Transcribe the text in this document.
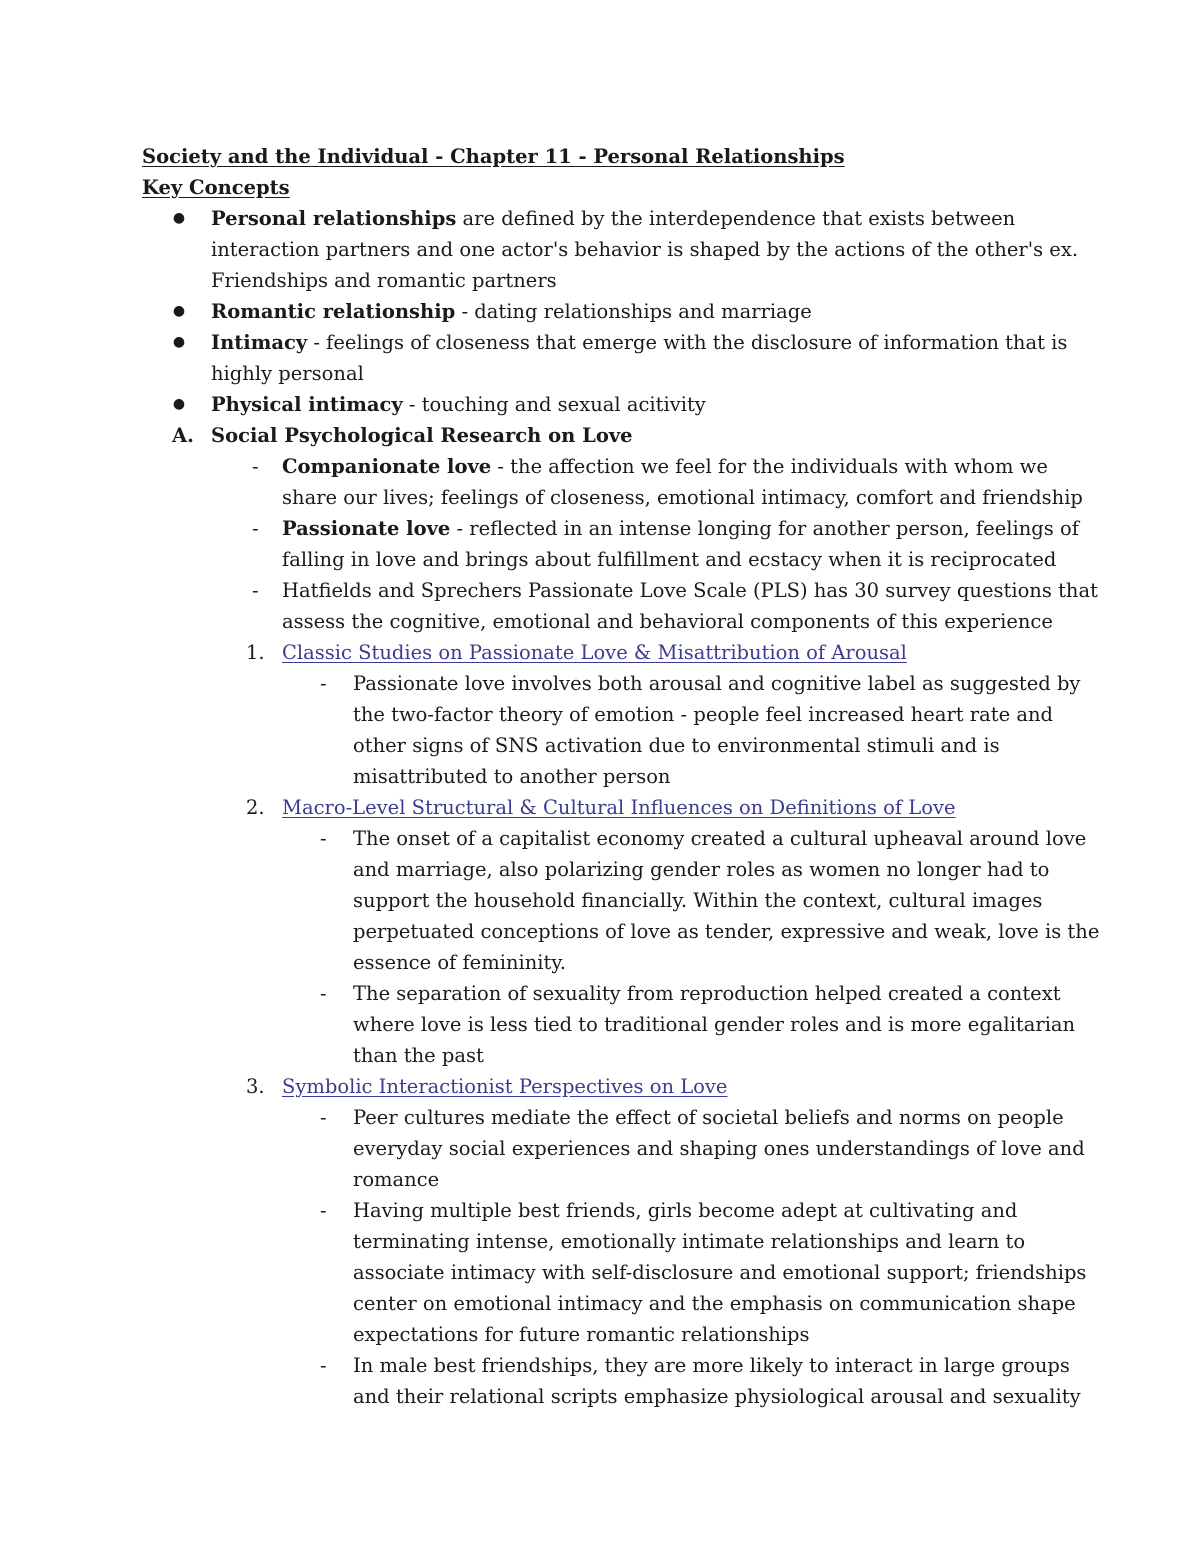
Society and the Individual - Chapter 11 - Personal Relationships
Key Concepts
● Personal relationships are defined by the interdependence that exists between
interaction partners and one actor's behavior is shaped by the actions of the other's ex.
Friendships and romantic partners
● Romantic relationship - dating relationships and marriage
● Intimacy - feelings of closeness that emerge with the disclosure of information that is
highly personal
● Physical intimacy - touching and sexual acitivity
A. Social Psychological Research on Love
- Companionate love - the affection we feel for the individuals with whom we
share our lives; feelings of closeness, emotional intimacy, comfort and friendship
- Passionate love - reflected in an intense longing for another person, feelings of
falling in love and brings about fulfillment and ecstacy when it is reciprocated
- Hatfields and Sprechers Passionate Love Scale (PLS) has 30 survey questions that
assess the cognitive, emotional and behavioral components of this experience
1. Classic Studies on Passionate Love & Misattribution of Arousal
- Passionate love involves both arousal and cognitive label as suggested by
the two-factor theory of emotion - people feel increased heart rate and
other signs of SNS activation due to environmental stimuli and is
misattributed to another person
2. Macro-Level Structural & Cultural Influences on Definitions of Love
- The onset of a capitalist economy created a cultural upheaval around love
and marriage, also polarizing gender roles as women no longer had to
support the household financially. Within the context, cultural images
perpetuated conceptions of love as tender, expressive and weak, love is the
essence of femininity.
- The separation of sexuality from reproduction helped created a context
where love is less tied to traditional gender roles and is more egalitarian
than the past
3. Symbolic Interactionist Perspectives on Love
- Peer cultures mediate the effect of societal beliefs and norms on people
everyday social experiences and shaping ones understandings of love and
romance
- Having multiple best friends, girls become adept at cultivating and
terminating intense, emotionally intimate relationships and learn to
associate intimacy with self-disclosure and emotional support; friendships
center on emotional intimacy and the emphasis on communication shape
expectations for future romantic relationships
- In male best friendships, they are more likely to interact in large groups
and their relational scripts emphasize physiological arousal and sexuality
